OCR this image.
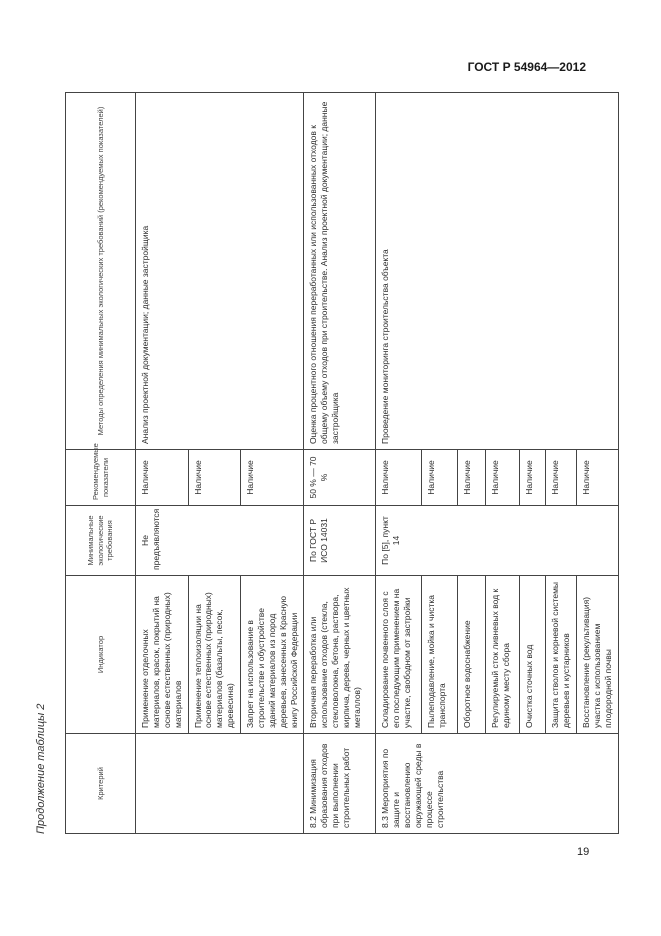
ГОСТ Р 54964—2012
Продолжение таблицы 2	Критерий	Индикатор	Минимальные экологические требования	Рекомендуемые показатели	Методы определения минимальных экологических требований (рекомендуемых показателей)
	Применение отделочных материалов, красок, покрытий на основе естественных (природных) материалов	Не предъявляются	Наличие	Анализ проектной документации; данные застройщика
	Применение теплоизоляции на основе естественных (природных) материалов (базальты, песок, древесина)		Наличие	
	Запрет на использование в строительстве и обустройстве зданий материалов из пород деревьев, занесенных в Красную книгу Российской Федерации		Наличие	
8.2 Минимизация образования отходов при выполнении строительных работ	Вторичная переработка или использование отходов (стекла, стекловолокна, бетона, раствора, кирпича, дерева, черных и цветных металлов)	По ГОСТ Р ИСО 14031	50 % — 70 %	Оценка процентного отношения переработанных или использованных отходов к общему объему отходов при строительстве. Анализ проектной документации; данные застройщика
8.3 Мероприятия по защите и восстановлению окружающей среды в процессе строительства	Складирование почвенного слоя с его последующим применением на участке, свободном от застройки	По [5], пункт 14	Наличие	Проведение мониторинга строительства объекта
	Пылеподавление, мойка и чистка транспорта		Наличие	
	Оборотное водоснабжение		Наличие	
	Регулируемый сток ливневых вод к единому месту сбора		Наличие	
	Очистка сточных вод		Наличие	
	Защита стволов и корневой системы деревьев и кустарников		Наличие	
	Восстановление (рекультивация) участка с использованием плодородной почвы		Наличие	
19
